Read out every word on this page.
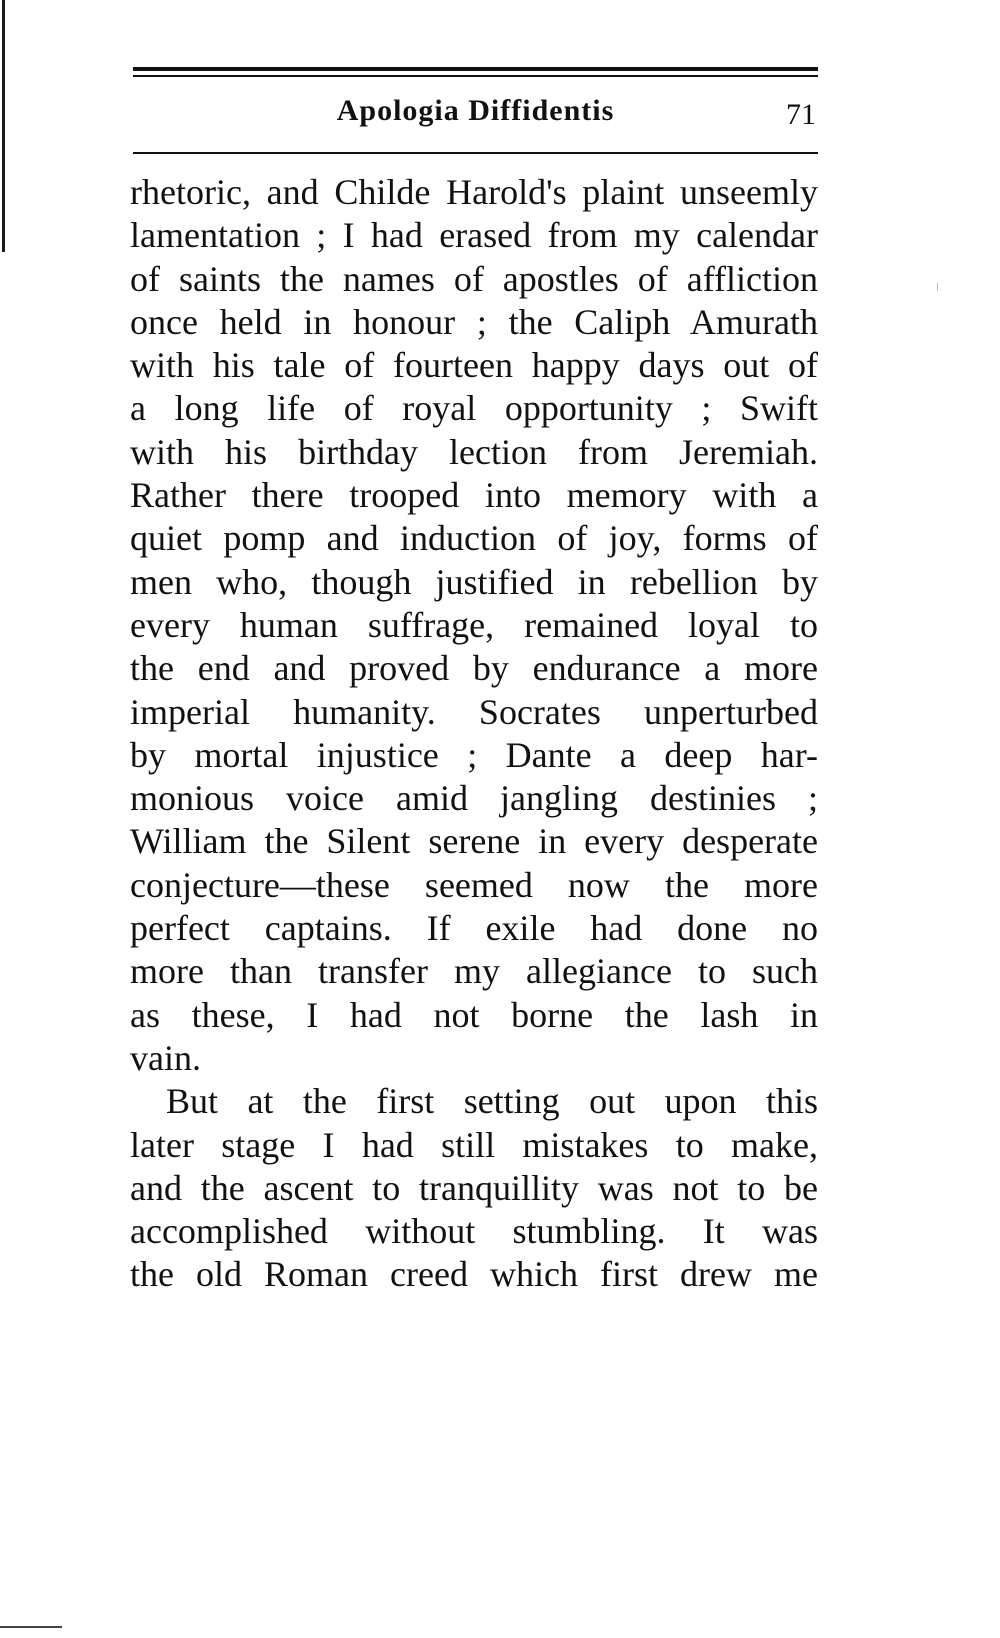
Apologia Diffidentis	71
rhetoric, and Childe Harold's plaint unseemly
lamentation ; I had erased from my calendar
of saints the names of apostles of affliction
once held in honour ; the Caliph Amurath
with his tale of fourteen happy days out of
a long life of royal opportunity ; Swift
with his birthday lection from Jeremiah.
Rather there trooped into memory with a
quiet pomp and induction of joy, forms of
men who, though justified in rebellion by
every human suffrage, remained loyal to
the end and proved by endurance a more
imperial humanity. Socrates unperturbed
by mortal injustice ; Dante a deep har-
monious voice amid jangling destinies ;
William the Silent serene in every desperate
conjecture—these seemed now the more
perfect captains. If exile had done no
more than transfer my allegiance to such
as these, I had not borne the lash in
vain.
But at the first setting out upon this
later stage I had still mistakes to make,
and the ascent to tranquillity was not to be
accomplished without stumbling. It was
the old Roman creed which first drew me
